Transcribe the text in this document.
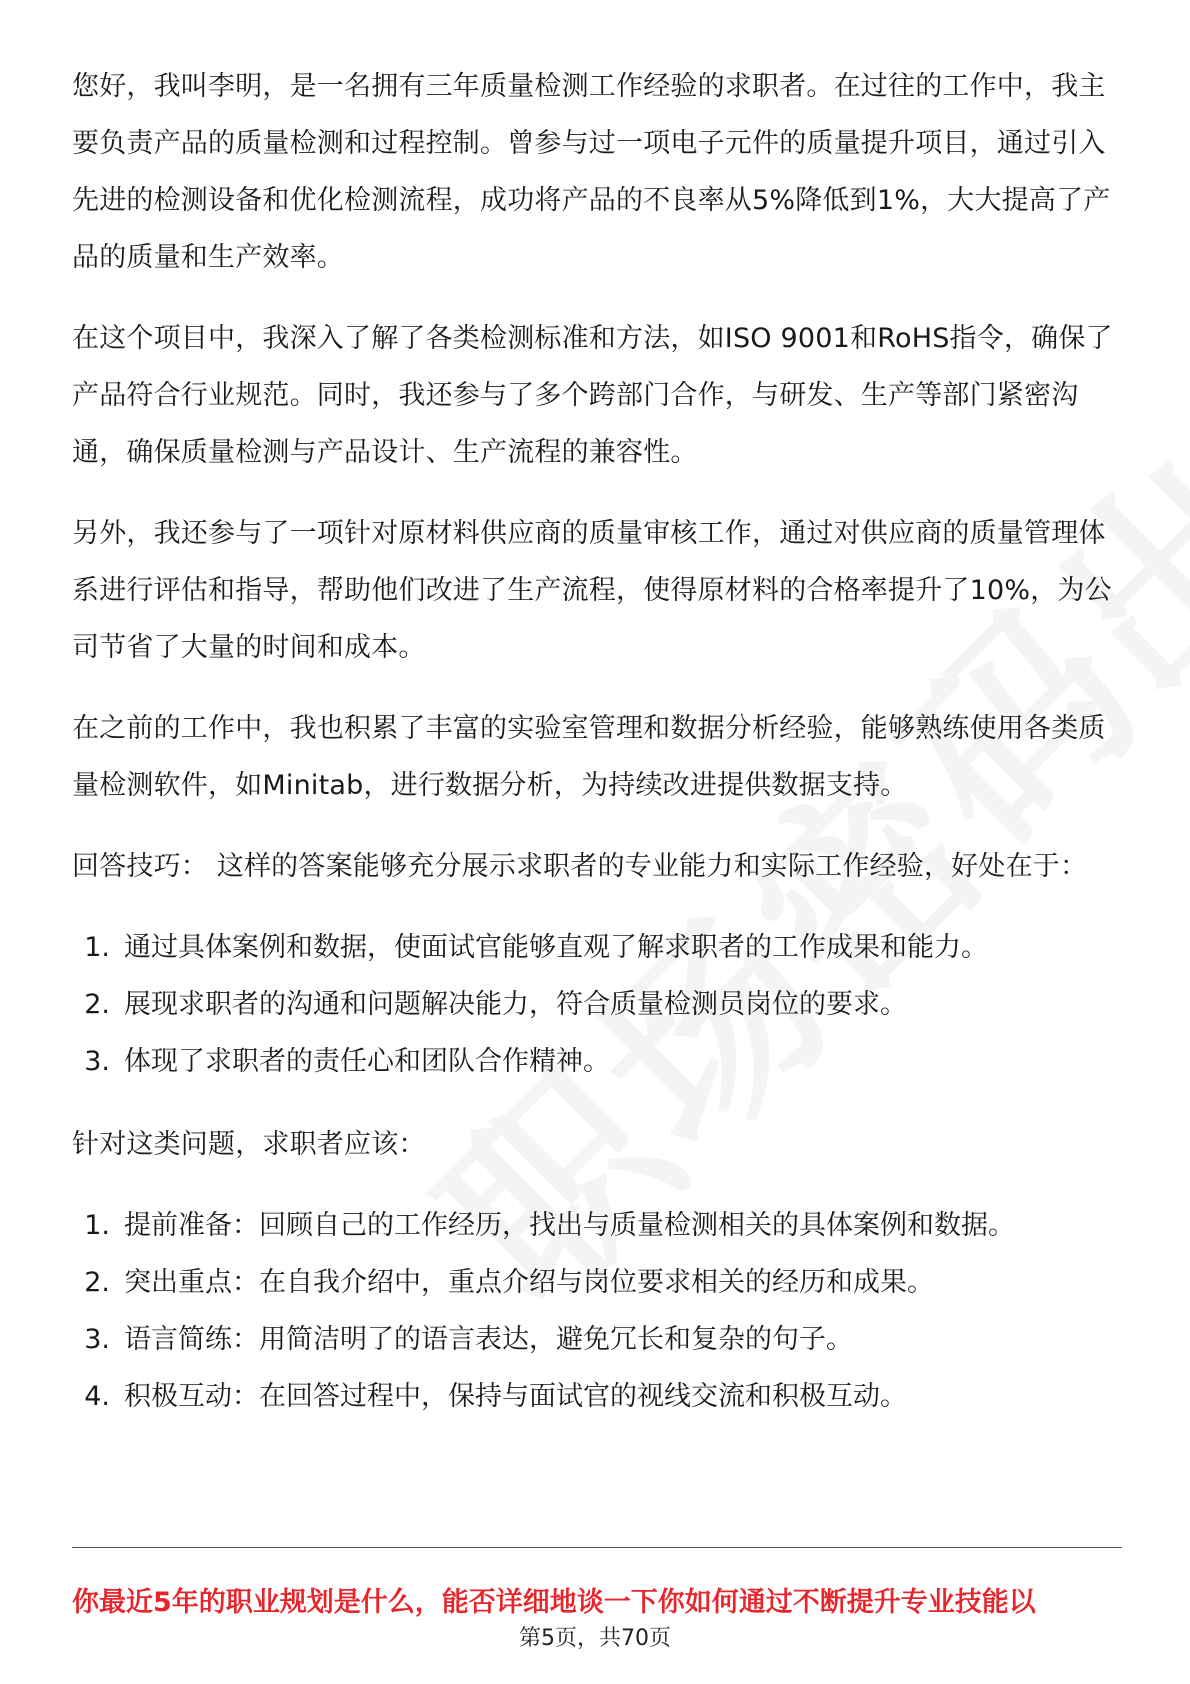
您好，我叫李明，是一名拥有三年质量检测工作经验的求职者。在过往的工作中，我主要负责产品的质量检测和过程控制。曾参与过一项电子元件的质量提升项目，通过引入先进的检测设备和优化检测流程，成功将产品的不良率从5%降低到1%，大大提高了产品的质量和生产效率。

在这个项目中，我深入了解了各类检测标准和方法，如ISO 9001和RoHS指令，确保了产品符合行业规范。同时，我还参与了多个跨部门合作，与研发、生产等部门紧密沟通，确保质量检测与产品设计、生产流程的兼容性。

另外，我还参与了一项针对原材料供应商的质量审核工作，通过对供应商的质量管理体系进行评估和指导，帮助他们改进了生产流程，使得原材料的合格率提升了10%，为公司节省了大量的时间和成本。

在之前的工作中，我也积累了丰富的实验室管理和数据分析经验，能够熟练使用各类质量检测软件，如Minitab，进行数据分析，为持续改进提供数据支持。

回答技巧： 这样的答案能够充分展示求职者的专业能力和实际工作经验，好处在于：

1. 通过具体案例和数据，使面试官能够直观了解求职者的工作成果和能力。
2. 展现求职者的沟通和问题解决能力，符合质量检测员岗位的要求。
3. 体现了求职者的责任心和团队合作精神。

针对这类问题，求职者应该：

1. 提前准备：回顾自己的工作经历，找出与质量检测相关的具体案例和数据。
2. 突出重点：在自我介绍中，重点介绍与岗位要求相关的经历和成果。
3. 语言简练：用简洁明了的语言表达，避免冗长和复杂的句子。
4. 积极互动：在回答过程中，保持与面试官的视线交流和积极互动。
你最近5年的职业规划是什么，能否详细地谈一下你如何通过不断提升专业技能以
第5页，共70页
